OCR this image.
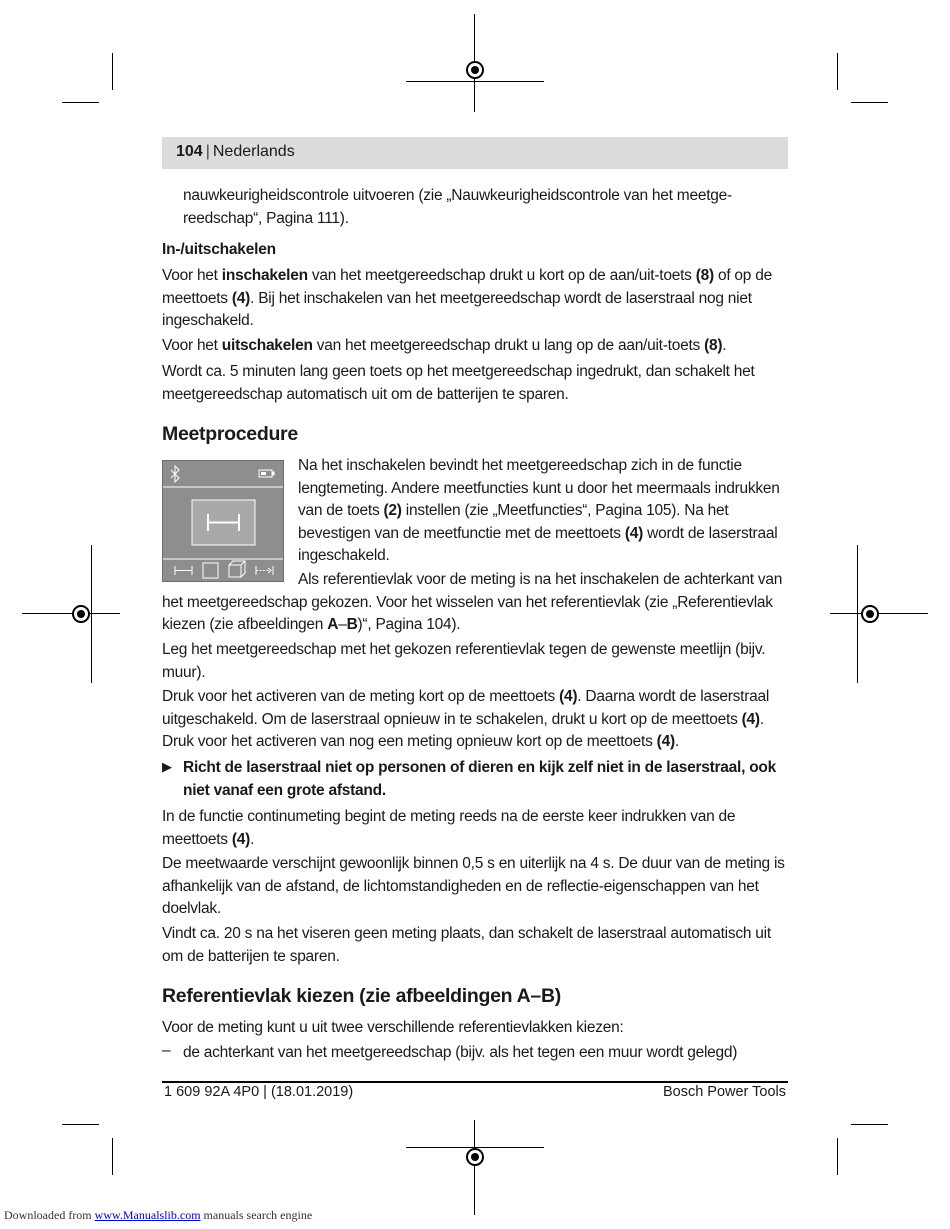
104 | Nederlands
nauwkeurigheidscontrole uitvoeren (zie „Nauwkeurigheidscontrole van het meetgereedschap“, Pagina 111).
In-/uitschakelen
Voor het inschakelen van het meetgereedschap drukt u kort op de aan/uit-toets (8) of op de meettoets (4). Bij het inschakelen van het meetgereedschap wordt de laserstraal nog niet ingeschakeld.
Voor het uitschakelen van het meetgereedschap drukt u lang op de aan/uit-toets (8).
Wordt ca. 5 minuten lang geen toets op het meetgereedschap ingedrukt, dan schakelt het meetgereedschap automatisch uit om de batterijen te sparen.
Meetprocedure
Na het inschakelen bevindt het meetgereedschap zich in de functie lengtemeting. Andere meetfuncties kunt u door het meermaals indrukken van de toets (2) instellen (zie „Meetfuncties“, Pagina 105). Na het bevestigen van de meetfunctie met de meettoets (4) wordt de laserstraal ingeschakeld.
Als referentievlak voor de meting is na het inschakelen de achterkant van het meetgereedschap gekozen. Voor het wisselen van het referentievlak (zie „Referentievlak kiezen (zie afbeeldingen A–B)“, Pagina 104).
Leg het meetgereedschap met het gekozen referentievlak tegen de gewenste meetlijn (bijv. muur).
Druk voor het activeren van de meting kort op de meettoets (4). Daarna wordt de laserstraal uitgeschakeld. Om de laserstraal opnieuw in te schakelen, drukt u kort op de meettoets (4). Druk voor het activeren van nog een meting opnieuw kort op de meettoets (4).
▶ Richt de laserstraal niet op personen of dieren en kijk zelf niet in de laserstraal, ook niet vanaf een grote afstand.
In de functie continumeting begint de meting reeds na de eerste keer indrukken van de meettoets (4).
De meetwaarde verschijnt gewoonlijk binnen 0,5 s en uiterlijk na 4 s. De duur van de meting is afhankelijk van de afstand, de lichtomstandigheden en de reflectie-eigenschappen van het doelvlak.
Vindt ca. 20 s na het viseren geen meting plaats, dan schakelt de laserstraal automatisch uit om de batterijen te sparen.
Referentievlak kiezen (zie afbeeldingen A–B)
Voor de meting kunt u uit twee verschillende referentievlakken kiezen:
– de achterkant van het meetgereedschap (bijv. als het tegen een muur wordt gelegd)
1 609 92A 4P0 | (18.01.2019)	Bosch Power Tools
Downloaded from www.Manualslib.com manuals search engine
